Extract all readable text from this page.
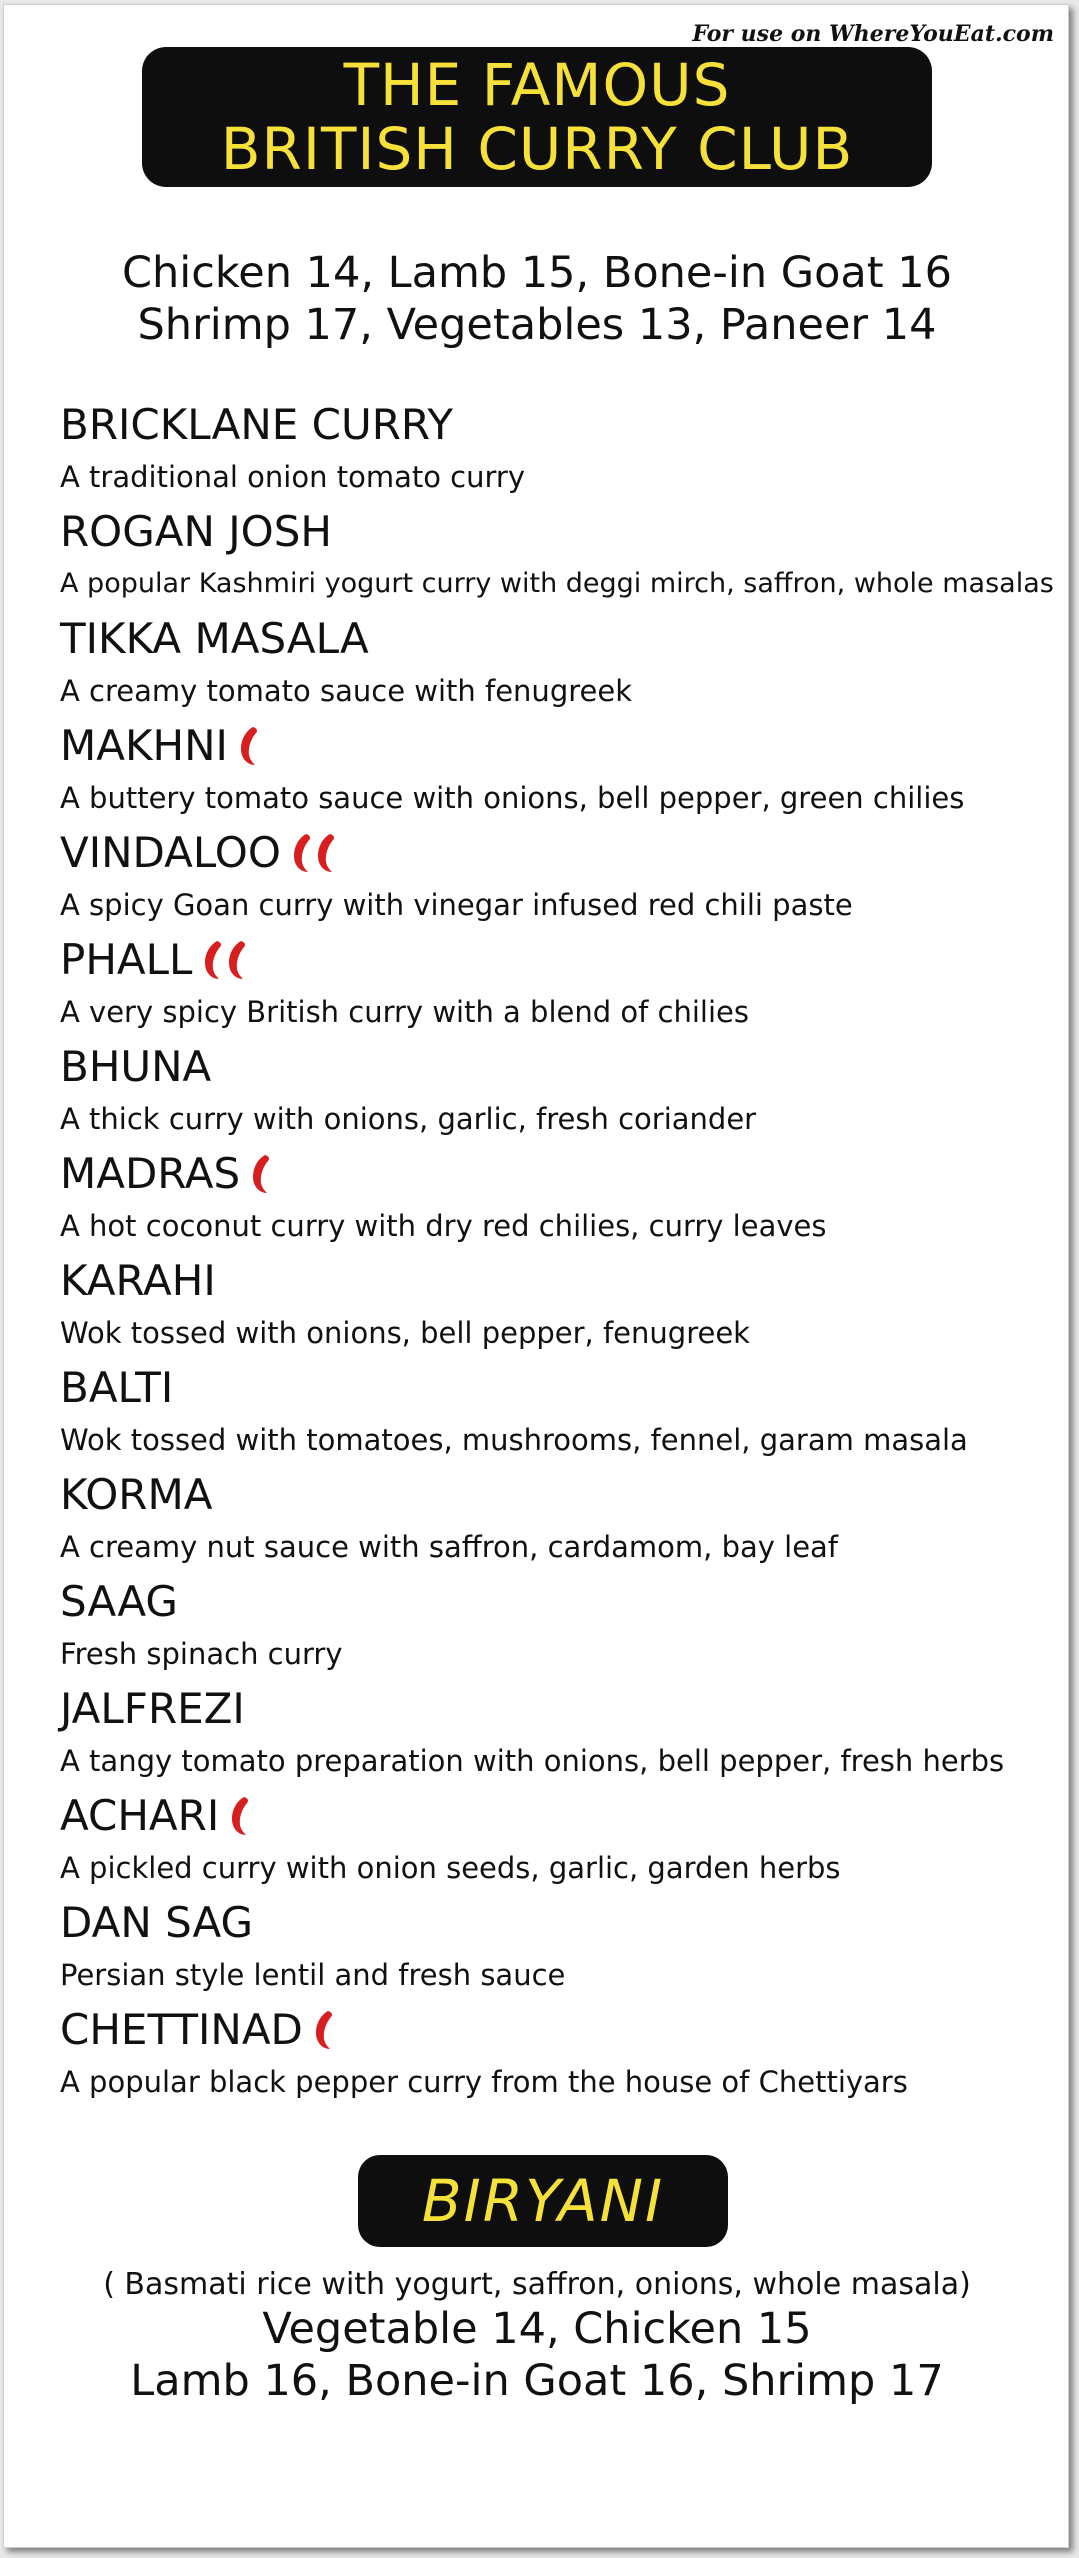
For use on WhereYouEat.com
THE FAMOUS
BRITISH CURRY CLUB
Chicken 14, Lamb 15, Bone-in Goat 16
Shrimp 17, Vegetables 13, Paneer 14
BRICKLANE CURRY
A traditional onion tomato curry
ROGAN JOSH
A popular Kashmiri yogurt curry with deggi mirch, saffron, whole masalas
TIKKA MASALA
A creamy tomato sauce with fenugreek
MAKHNI
A buttery tomato sauce with onions, bell pepper, green chilies
VINDALOO
A spicy Goan curry with vinegar infused red chili paste
PHALL
A very spicy British curry with a blend of chilies
BHUNA
A thick curry with onions, garlic, fresh coriander
MADRAS
A hot coconut curry with dry red chilies, curry leaves
KARAHI
Wok tossed with onions, bell pepper, fenugreek
BALTI
Wok tossed with tomatoes, mushrooms, fennel, garam masala
KORMA
A creamy nut sauce with saffron, cardamom, bay leaf
SAAG
Fresh spinach curry
JALFREZI
A tangy tomato preparation with onions, bell pepper, fresh herbs
ACHARI
A pickled curry with onion seeds, garlic, garden herbs
DAN SAG
Persian style lentil and fresh sauce
CHETTINAD
A popular black pepper curry from the house of Chettiyars
BIRYANI
( Basmati rice with yogurt, saffron, onions, whole masala)
Vegetable 14, Chicken 15
Lamb 16, Bone-in Goat 16, Shrimp 17
